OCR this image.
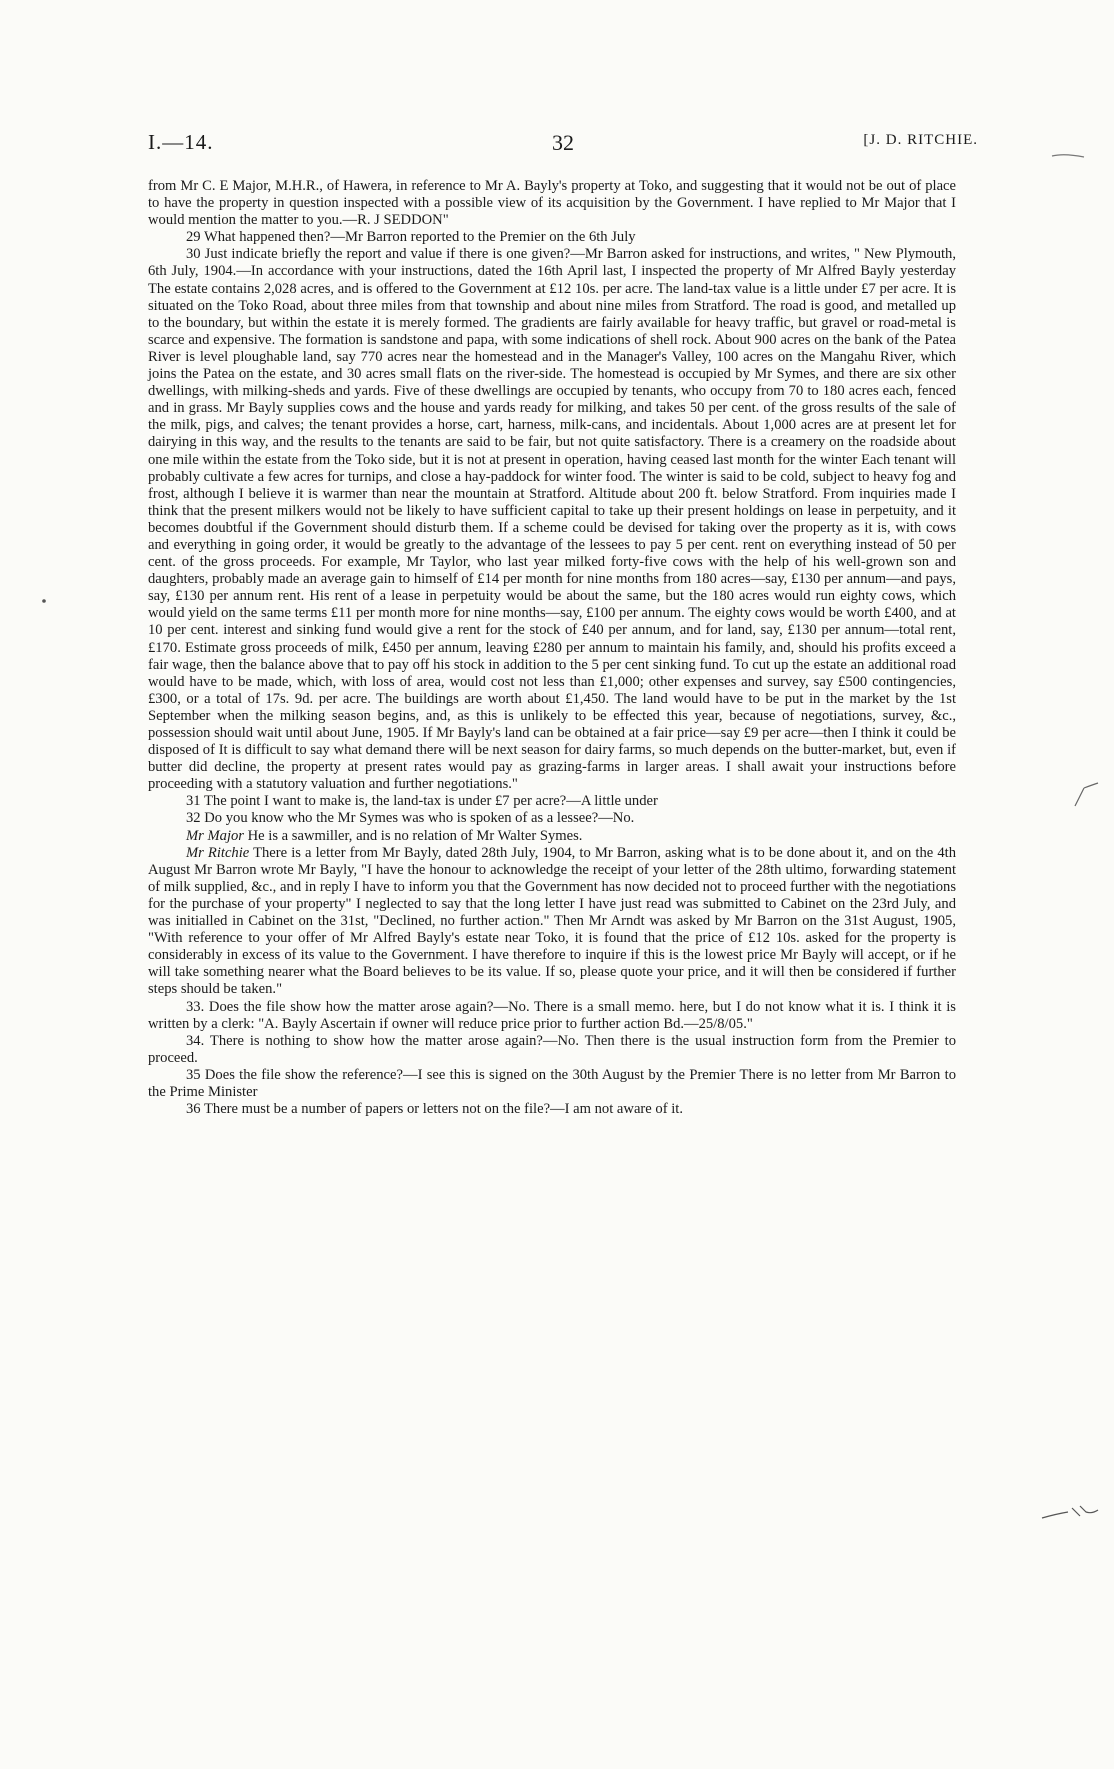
I.—14.	32	[J. D. RITCHIE.

from Mr C. E Major, M.H.R., of Hawera, in reference to Mr A. Bayly's property at Toko, and suggesting that it would not be out of place to have the property in question inspected with a possible view of its acquisition by the Government. I have replied to Mr Major that I would mention the matter to you.—R. J SEDDON"

29 What happened then?—Mr Barron reported to the Premier on the 6th July

30 Just indicate briefly the report and value if there is one given?—Mr Barron asked for instructions, and writes, " New Plymouth, 6th July, 1904.—In accordance with your instructions, dated the 16th April last, I inspected the property of Mr Alfred Bayly yesterday The estate contains 2,028 acres, and is offered to the Government at £12 10s. per acre. The land-tax value is a little under £7 per acre. It is situated on the Toko Road, about three miles from that township and about nine miles from Stratford. The road is good, and metalled up to the boundary, but within the estate it is merely formed. The gradients are fairly available for heavy traffic, but gravel or road-metal is scarce and expensive. The formation is sandstone and papa, with some indications of shell rock. About 900 acres on the bank of the Patea River is level ploughable land, say 770 acres near the homestead and in the Manager's Valley, 100 acres on the Mangahu River, which joins the Patea on the estate, and 30 acres small flats on the river-side. The homestead is occupied by Mr Symes, and there are six other dwellings, with milking-sheds and yards. Five of these dwellings are occupied by tenants, who occupy from 70 to 180 acres each, fenced and in grass. Mr Bayly supplies cows and the house and yards ready for milking, and takes 50 per cent. of the gross results of the sale of the milk, pigs, and calves; the tenant provides a horse, cart, harness, milk-cans, and incidentals. About 1,000 acres are at present let for dairying in this way, and the results to the tenants are said to be fair, but not quite satisfactory. There is a creamery on the roadside about one mile within the estate from the Toko side, but it is not at present in operation, having ceased last month for the winter Each tenant will probably cultivate a few acres for turnips, and close a hay-paddock for winter food. The winter is said to be cold, subject to heavy fog and frost, although I believe it is warmer than near the mountain at Stratford. Altitude about 200 ft. below Stratford. From inquiries made I think that the present milkers would not be likely to have sufficient capital to take up their present holdings on lease in perpetuity, and it becomes doubtful if the Government should disturb them. If a scheme could be devised for taking over the property as it is, with cows and everything in going order, it would be greatly to the advantage of the lessees to pay 5 per cent. rent on everything instead of 50 per cent. of the gross proceeds. For example, Mr Taylor, who last year milked forty-five cows with the help of his well-grown son and daughters, probably made an average gain to himself of £14 per month for nine months from 180 acres—say, £130 per annum—and pays, say, £130 per annum rent. His rent of a lease in perpetuity would be about the same, but the 180 acres would run eighty cows, which would yield on the same terms £11 per month more for nine months—say, £100 per annum. The eighty cows would be worth £400, and at 10 per cent. interest and sinking fund would give a rent for the stock of £40 per annum, and for land, say, £130 per annum—total rent, £170. Estimate gross proceeds of milk, £450 per annum, leaving £280 per annum to maintain his family, and, should his profits exceed a fair wage, then the balance above that to pay off his stock in addition to the 5 per cent sinking fund. To cut up the estate an additional road would have to be made, which, with loss of area, would cost not less than £1,000; other expenses and survey, say £500 contingencies, £300, or a total of 17s. 9d. per acre. The buildings are worth about £1,450. The land would have to be put in the market by the 1st September when the milking season begins, and, as this is unlikely to be effected this year, because of negotiations, survey, &c., possession should wait until about June, 1905. If Mr Bayly's land can be obtained at a fair price—say £9 per acre—then I think it could be disposed of It is difficult to say what demand there will be next season for dairy farms, so much depends on the butter-market, but, even if butter did decline, the property at present rates would pay as grazing-farms in larger areas. I shall await your instructions before proceeding with a statutory valuation and further negotiations."

31 The point I want to make is, the land-tax is under £7 per acre?—A little under

32 Do you know who the Mr Symes was who is spoken of as a lessee?—No.

Mr Major He is a sawmiller, and is no relation of Mr Walter Symes.

Mr Ritchie There is a letter from Mr Bayly, dated 28th July, 1904, to Mr Barron, asking what is to be done about it, and on the 4th August Mr Barron wrote Mr Bayly, "I have the honour to acknowledge the receipt of your letter of the 28th ultimo, forwarding statement of milk supplied, &c., and in reply I have to inform you that the Government has now decided not to proceed further with the negotiations for the purchase of your property" I neglected to say that the long letter I have just read was submitted to Cabinet on the 23rd July, and was initialled in Cabinet on the 31st, "Declined, no further action." Then Mr Arndt was asked by Mr Barron on the 31st August, 1905, "With reference to your offer of Mr Alfred Bayly's estate near Toko, it is found that the price of £12 10s. asked for the property is considerably in excess of its value to the Government. I have therefore to inquire if this is the lowest price Mr Bayly will accept, or if he will take something nearer what the Board believes to be its value. If so, please quote your price, and it will then be considered if further steps should be taken."

33. Does the file show how the matter arose again?—No. There is a small memo. here, but I do not know what it is. I think it is written by a clerk: "A. Bayly Ascertain if owner will reduce price prior to further action Bd.—25/8/05."

34. There is nothing to show how the matter arose again?—No. Then there is the usual instruction form from the Premier to proceed.

35 Does the file show the reference?—I see this is signed on the 30th August by the Premier There is no letter from Mr Barron to the Prime Minister

36 There must be a number of papers or letters not on the file?—I am not aware of it.
